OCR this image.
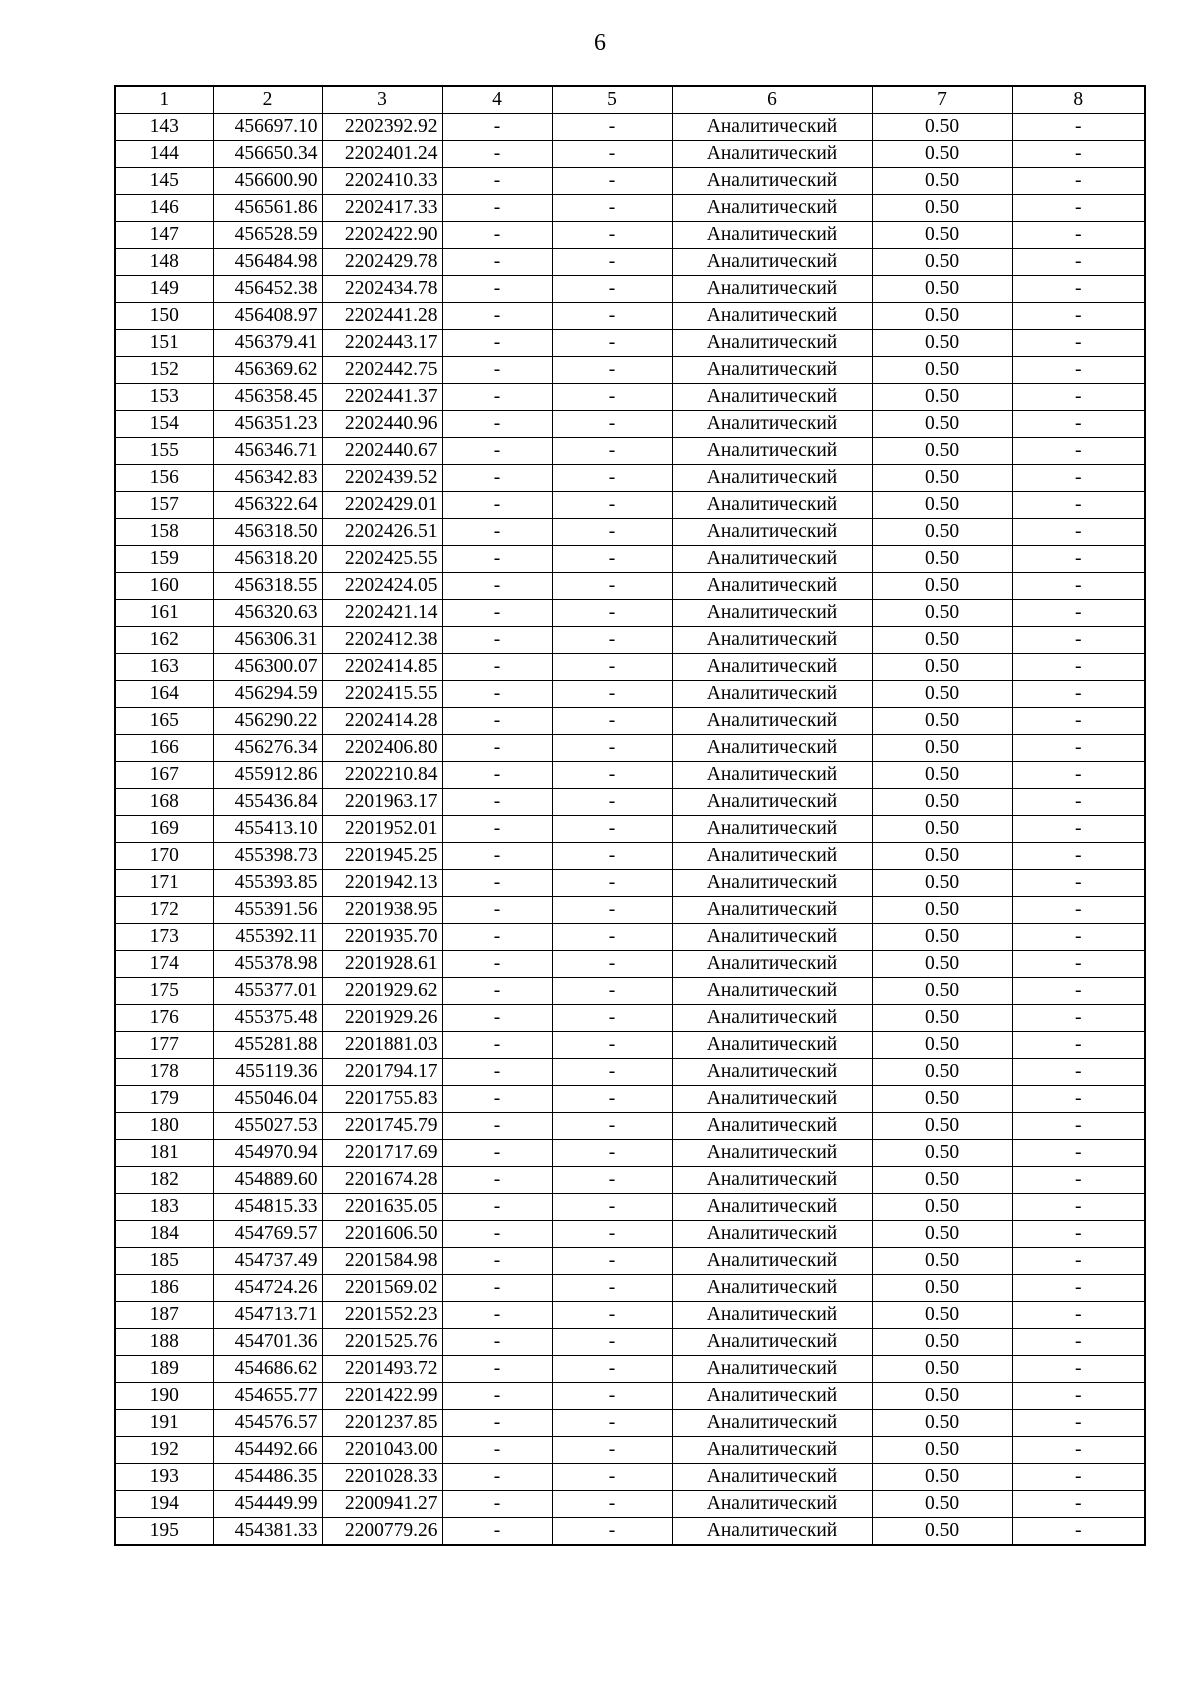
6
1	2	3	4	5	6	7	8
143	456697.10	2202392.92	-	-	Аналитический	0.50	-
144	456650.34	2202401.24	-	-	Аналитический	0.50	-
145	456600.90	2202410.33	-	-	Аналитический	0.50	-
146	456561.86	2202417.33	-	-	Аналитический	0.50	-
147	456528.59	2202422.90	-	-	Аналитический	0.50	-
148	456484.98	2202429.78	-	-	Аналитический	0.50	-
149	456452.38	2202434.78	-	-	Аналитический	0.50	-
150	456408.97	2202441.28	-	-	Аналитический	0.50	-
151	456379.41	2202443.17	-	-	Аналитический	0.50	-
152	456369.62	2202442.75	-	-	Аналитический	0.50	-
153	456358.45	2202441.37	-	-	Аналитический	0.50	-
154	456351.23	2202440.96	-	-	Аналитический	0.50	-
155	456346.71	2202440.67	-	-	Аналитический	0.50	-
156	456342.83	2202439.52	-	-	Аналитический	0.50	-
157	456322.64	2202429.01	-	-	Аналитический	0.50	-
158	456318.50	2202426.51	-	-	Аналитический	0.50	-
159	456318.20	2202425.55	-	-	Аналитический	0.50	-
160	456318.55	2202424.05	-	-	Аналитический	0.50	-
161	456320.63	2202421.14	-	-	Аналитический	0.50	-
162	456306.31	2202412.38	-	-	Аналитический	0.50	-
163	456300.07	2202414.85	-	-	Аналитический	0.50	-
164	456294.59	2202415.55	-	-	Аналитический	0.50	-
165	456290.22	2202414.28	-	-	Аналитический	0.50	-
166	456276.34	2202406.80	-	-	Аналитический	0.50	-
167	455912.86	2202210.84	-	-	Аналитический	0.50	-
168	455436.84	2201963.17	-	-	Аналитический	0.50	-
169	455413.10	2201952.01	-	-	Аналитический	0.50	-
170	455398.73	2201945.25	-	-	Аналитический	0.50	-
171	455393.85	2201942.13	-	-	Аналитический	0.50	-
172	455391.56	2201938.95	-	-	Аналитический	0.50	-
173	455392.11	2201935.70	-	-	Аналитический	0.50	-
174	455378.98	2201928.61	-	-	Аналитический	0.50	-
175	455377.01	2201929.62	-	-	Аналитический	0.50	-
176	455375.48	2201929.26	-	-	Аналитический	0.50	-
177	455281.88	2201881.03	-	-	Аналитический	0.50	-
178	455119.36	2201794.17	-	-	Аналитический	0.50	-
179	455046.04	2201755.83	-	-	Аналитический	0.50	-
180	455027.53	2201745.79	-	-	Аналитический	0.50	-
181	454970.94	2201717.69	-	-	Аналитический	0.50	-
182	454889.60	2201674.28	-	-	Аналитический	0.50	-
183	454815.33	2201635.05	-	-	Аналитический	0.50	-
184	454769.57	2201606.50	-	-	Аналитический	0.50	-
185	454737.49	2201584.98	-	-	Аналитический	0.50	-
186	454724.26	2201569.02	-	-	Аналитический	0.50	-
187	454713.71	2201552.23	-	-	Аналитический	0.50	-
188	454701.36	2201525.76	-	-	Аналитический	0.50	-
189	454686.62	2201493.72	-	-	Аналитический	0.50	-
190	454655.77	2201422.99	-	-	Аналитический	0.50	-
191	454576.57	2201237.85	-	-	Аналитический	0.50	-
192	454492.66	2201043.00	-	-	Аналитический	0.50	-
193	454486.35	2201028.33	-	-	Аналитический	0.50	-
194	454449.99	2200941.27	-	-	Аналитический	0.50	-
195	454381.33	2200779.26	-	-	Аналитический	0.50	-
